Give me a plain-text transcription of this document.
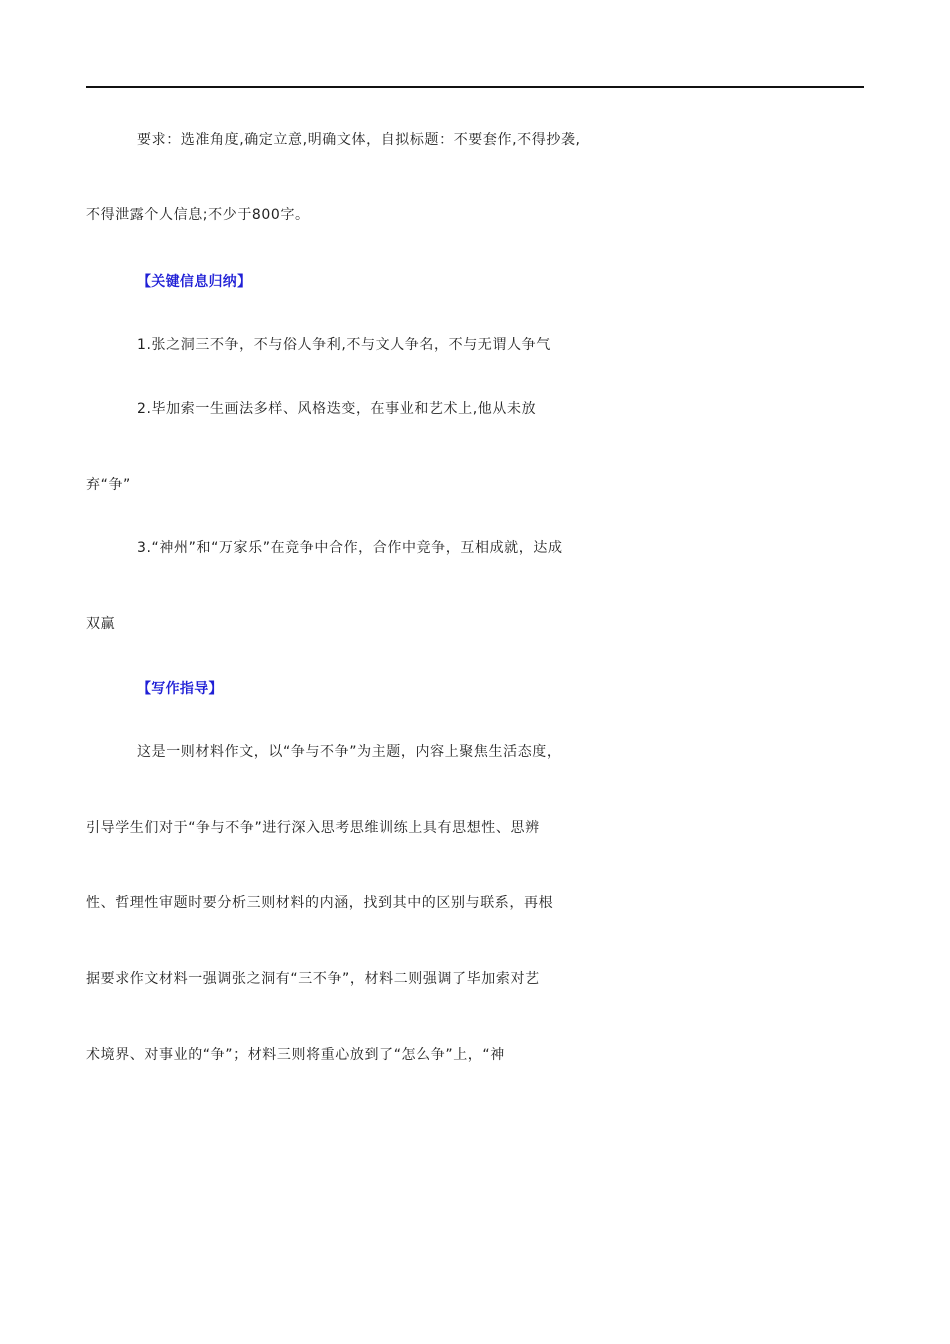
要求：选准角度,确定立意,明确文体，自拟标题：不要套作,不得抄袭,
不得泄露个人信息;不少于800字。
【关键信息归纳】
1.张之洞三不争，不与俗人争利,不与文人争名，不与无谓人争气
2.毕加索一生画法多样、风格迭变，在事业和艺术上,他从未放
弃“争”
3.“神州”和“万家乐”在竞争中合作，合作中竞争，互相成就，达成
双赢
【写作指导】
这是一则材料作文，以“争与不争”为主题，内容上聚焦生活态度，
引导学生们对于“争与不争”进行深入思考思维训练上具有思想性、思辨
性、哲理性审题时要分析三则材料的内涵，找到其中的区别与联系，再根
据要求作文材料一强调张之洞有“三不争”，材料二则强调了毕加索对艺
术境界、对事业的“争”；材料三则将重心放到了“怎么争”上，“神
